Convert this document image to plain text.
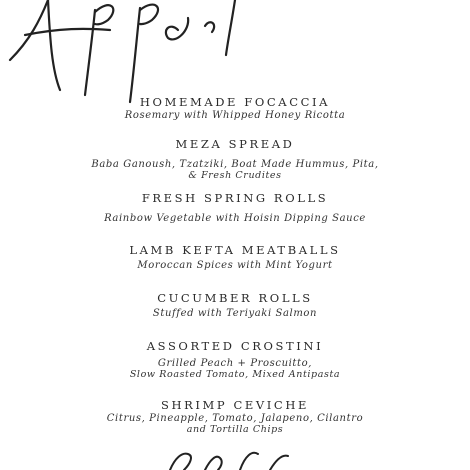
HOMEMADE FOCACCIA
Rosemary with Whipped Honey Ricotta
MEZA SPREAD
Baba Ganoush, Tzatziki, Boat Made Hummus, Pita,
& Fresh Crudites
FRESH SPRING ROLLS
Rainbow Vegetable with Hoisin Dipping Sauce
LAMB KEFTA MEATBALLS
Moroccan Spices with Mint Yogurt
CUCUMBER ROLLS
Stuffed with Teriyaki Salmon
ASSORTED CROSTINI
Grilled Peach + Proscuitto,
Slow Roasted Tomato, Mixed Antipasta
SHRIMP CEVICHE
Citrus, Pineapple, Tomato, Jalapeno, Cilantro
and Tortilla Chips
